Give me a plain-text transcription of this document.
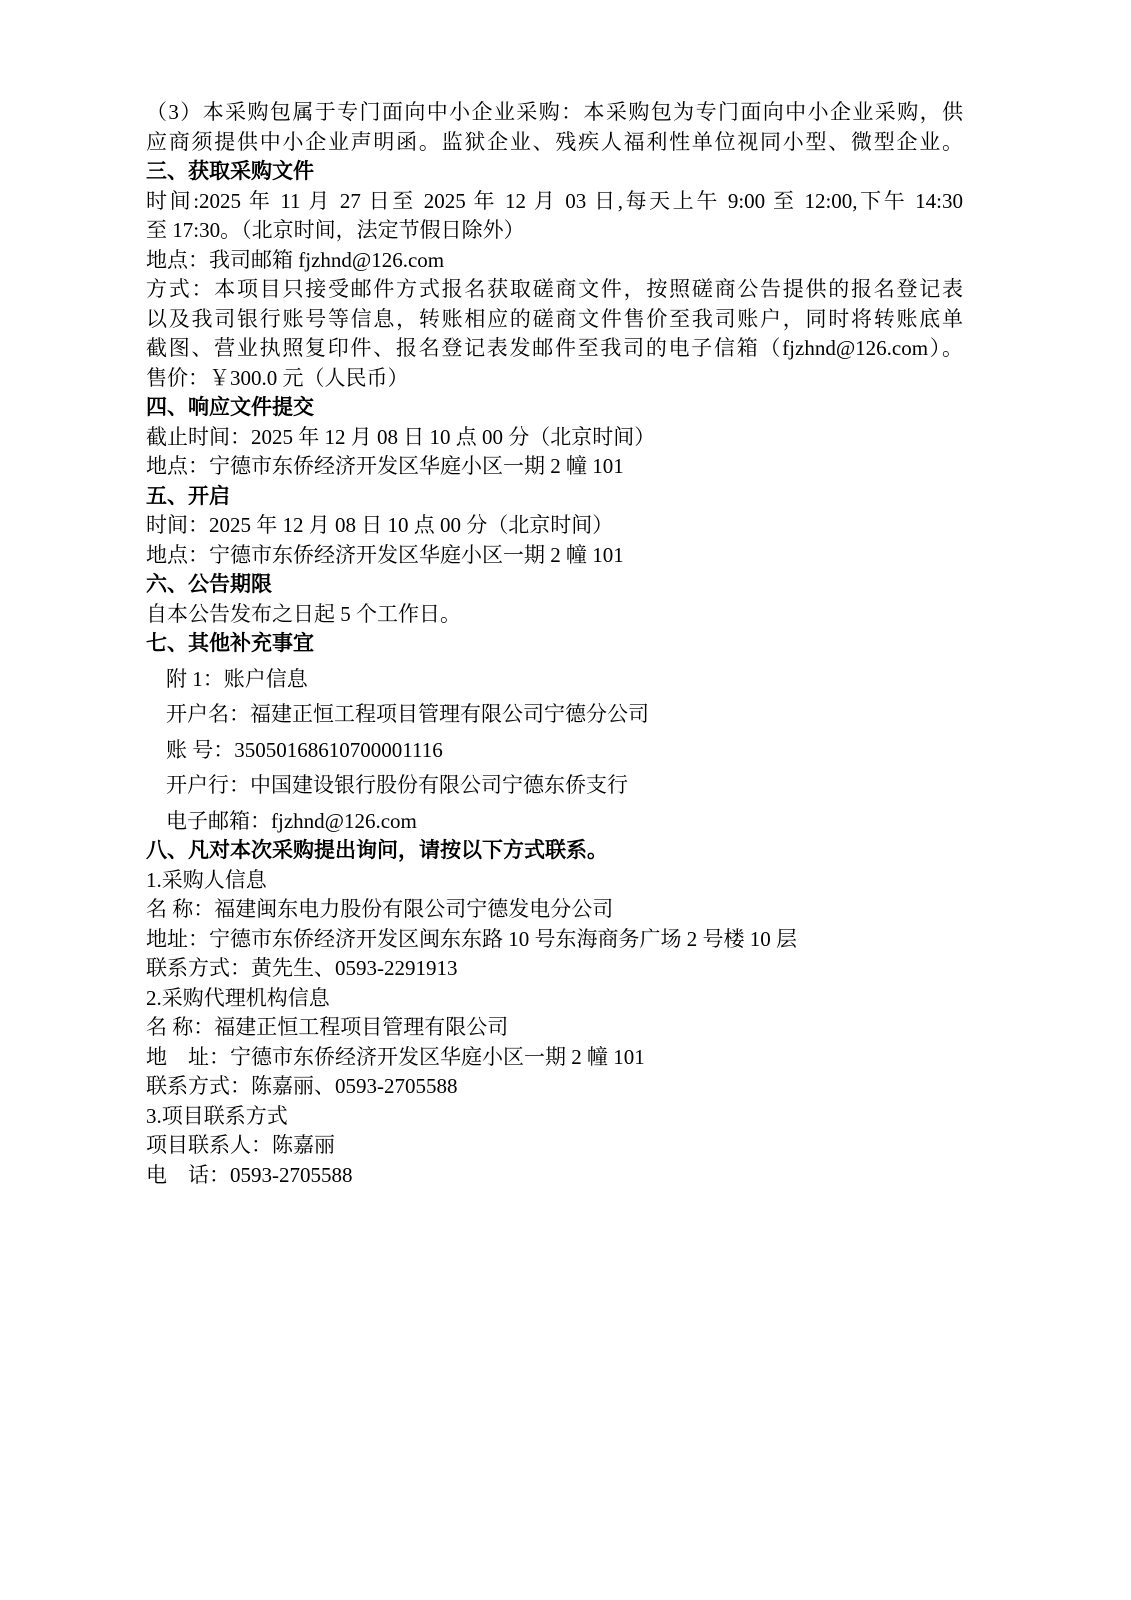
（3）本采购包属于专门面向中小企业采购：本采购包为专门面向中小企业采购，供
应商须提供中小企业声明函。监狱企业、残疾人福利性单位视同小型、微型企业。
三、获取采购文件
时间:2025 年 11 月 27 日至 2025 年 12 月 03 日,每天上午 9:00 至 12:00,下午 14:30
至 17:30。（北京时间，法定节假日除外）
地点：我司邮箱 fjzhnd@126.com
方式：本项目只接受邮件方式报名获取磋商文件，按照磋商公告提供的报名登记表
以及我司银行账号等信息，转账相应的磋商文件售价至我司账户，同时将转账底单
截图、营业执照复印件、报名登记表发邮件至我司的电子信箱（fjzhnd@126.com）。
售价：￥300.0 元（人民币）
四、响应文件提交
截止时间：2025 年 12 月 08 日 10 点 00 分（北京时间）
地点：宁德市东侨经济开发区华庭小区一期 2 幢 101
五、开启
时间：2025 年 12 月 08 日 10 点 00 分（北京时间）
地点：宁德市东侨经济开发区华庭小区一期 2 幢 101
六、公告期限
自本公告发布之日起 5 个工作日。
七、其他补充事宜
附 1：账户信息
开户名：福建正恒工程项目管理有限公司宁德分公司
账 号：35050168610700001116
开户行：中国建设银行股份有限公司宁德东侨支行
电子邮箱：fjzhnd@126.com
八、凡对本次采购提出询问，请按以下方式联系。
1.采购人信息
名 称：福建闽东电力股份有限公司宁德发电分公司
地址：宁德市东侨经济开发区闽东东路 10 号东海商务广场 2 号楼 10 层
联系方式：黄先生、0593-2291913
2.采购代理机构信息
名 称：福建正恒工程项目管理有限公司
地　址：宁德市东侨经济开发区华庭小区一期 2 幢 101
联系方式：陈嘉丽、0593-2705588
3.项目联系方式
项目联系人：陈嘉丽
电　话：0593-2705588
